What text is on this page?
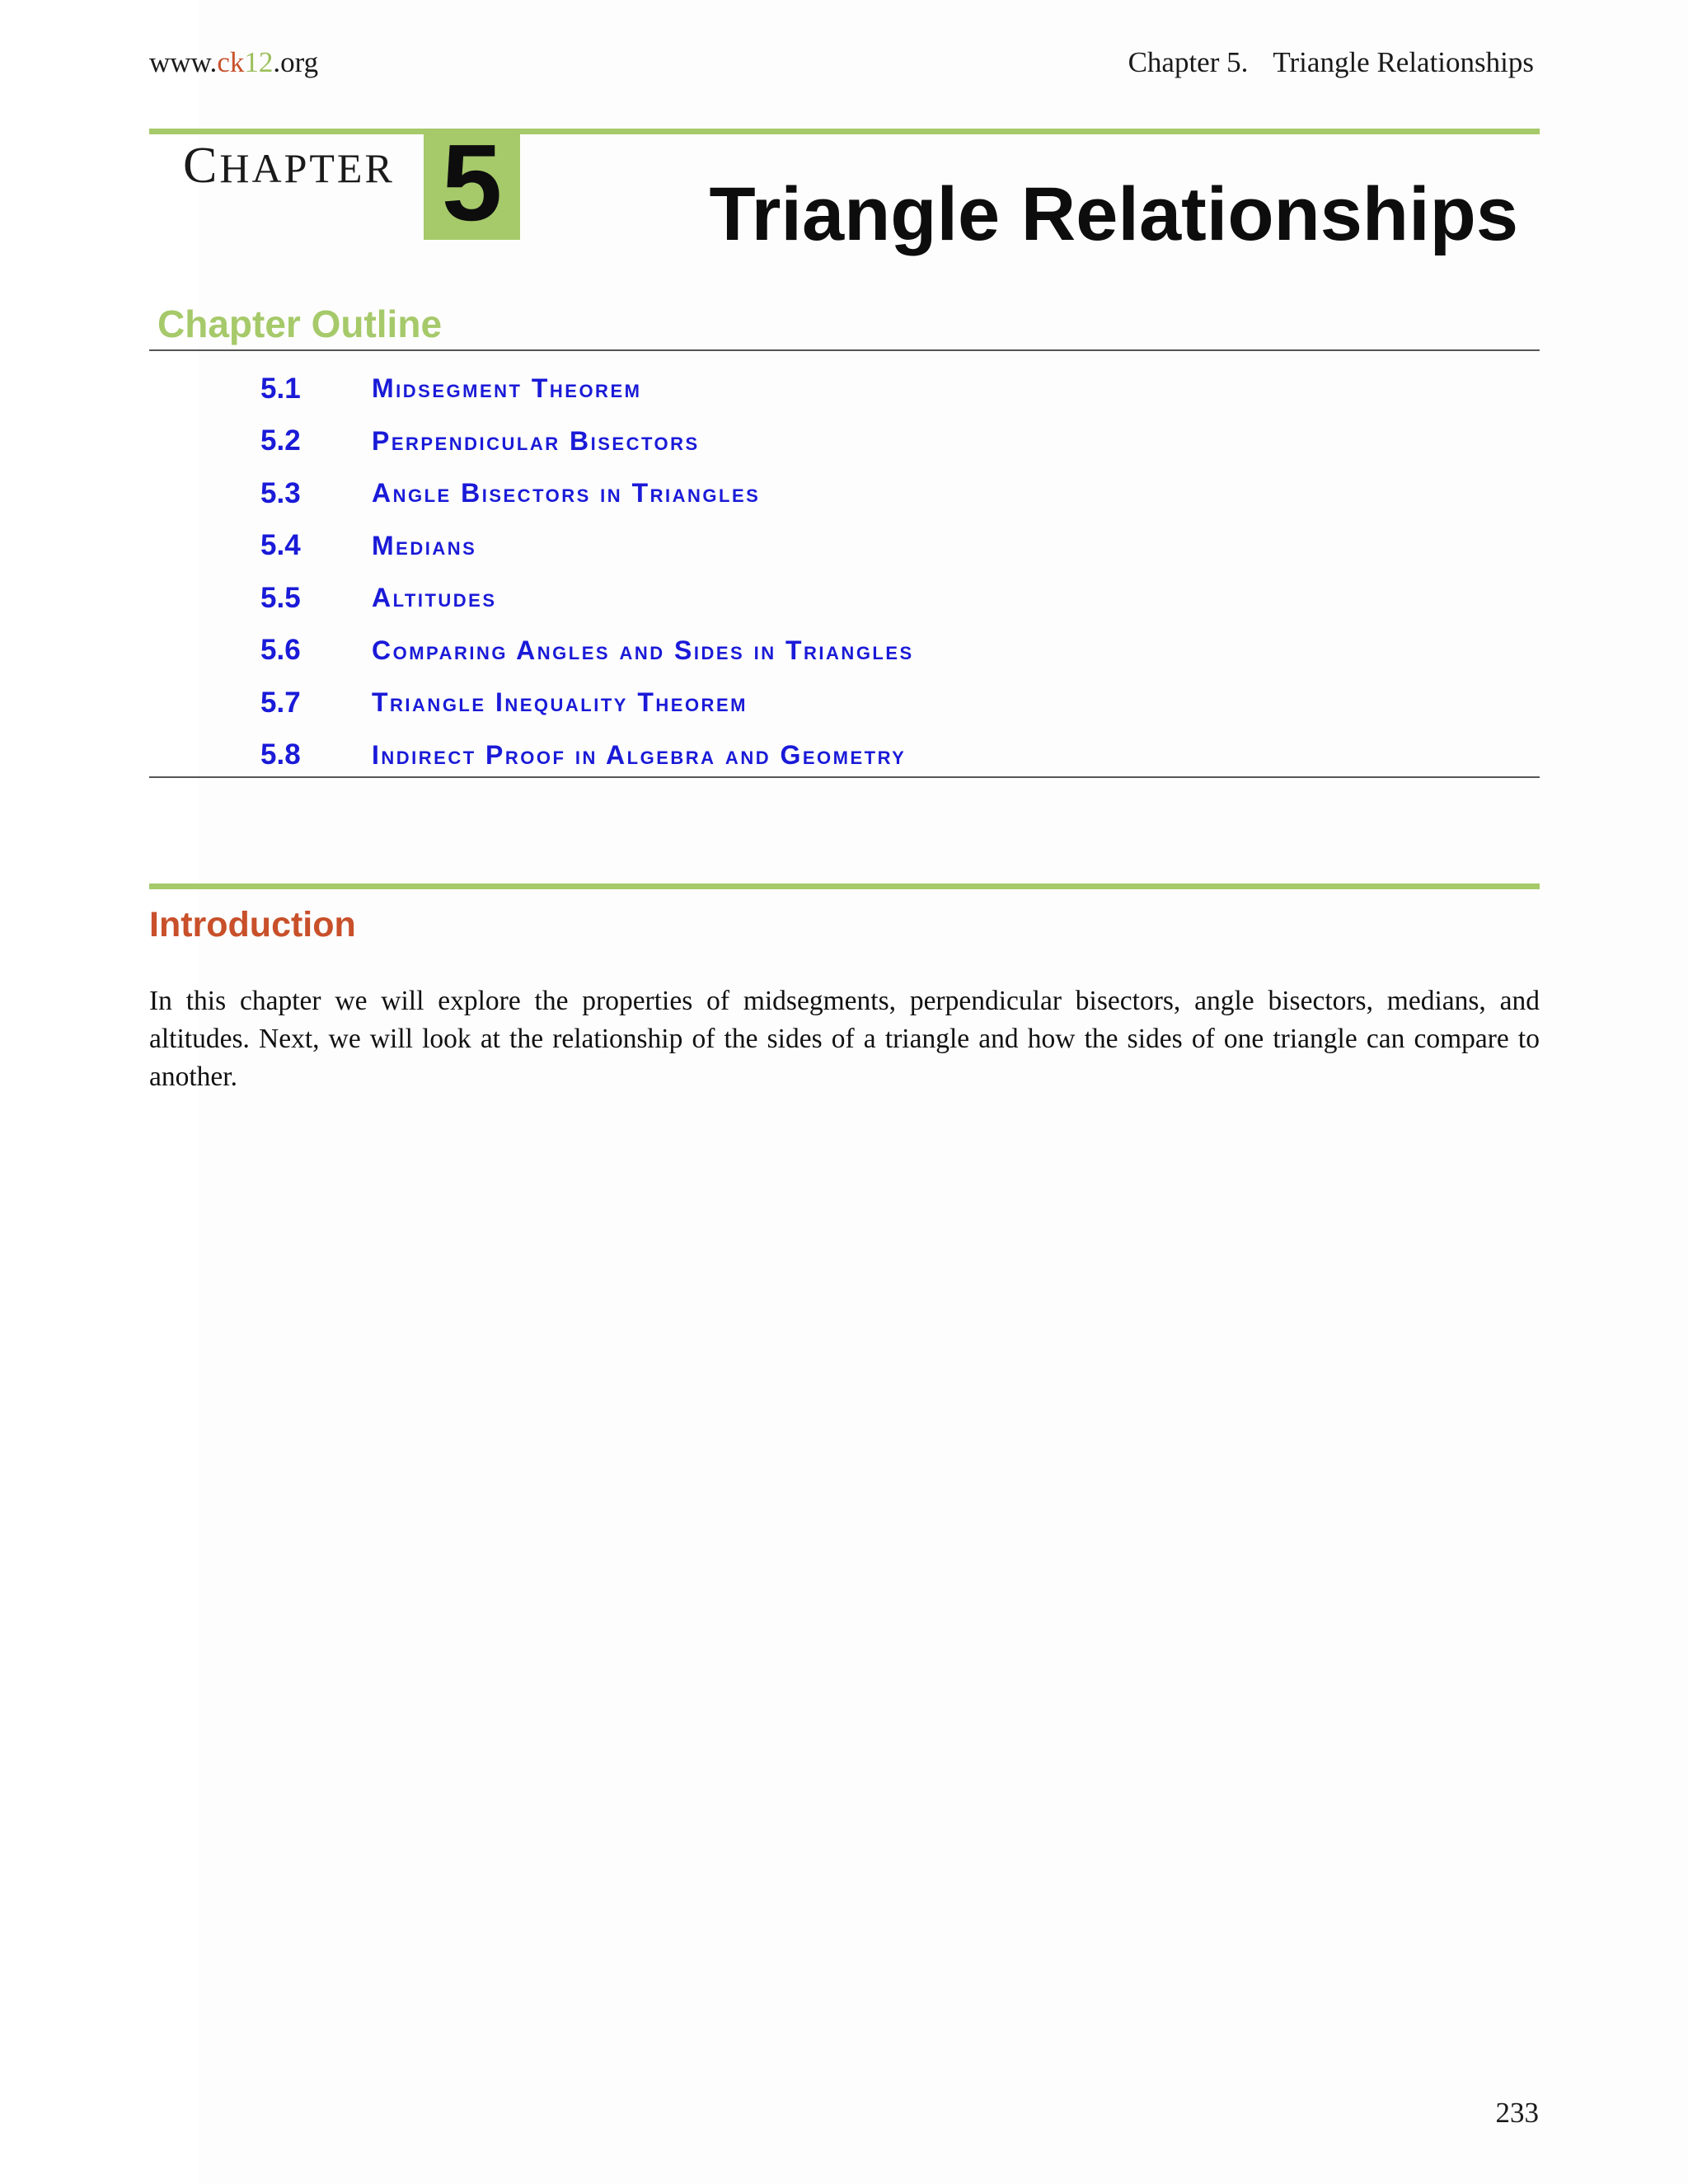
www.ck12.org	Chapter 5. Triangle Relationships
CHAPTER 5	Triangle Relationships
Chapter Outline
5.1	Midsegment Theorem
5.2	Perpendicular Bisectors
5.3	Angle Bisectors in Triangles
5.4	Medians
5.5	Altitudes
5.6	Comparing Angles and Sides in Triangles
5.7	Triangle Inequality Theorem
5.8	Indirect Proof in Algebra and Geometry
Introduction

In this chapter we will explore the properties of midsegments, perpendicular bisectors, angle bisectors, medians, and altitudes. Next, we will look at the relationship of the sides of a triangle and how the sides of one triangle can compare to another.

233
